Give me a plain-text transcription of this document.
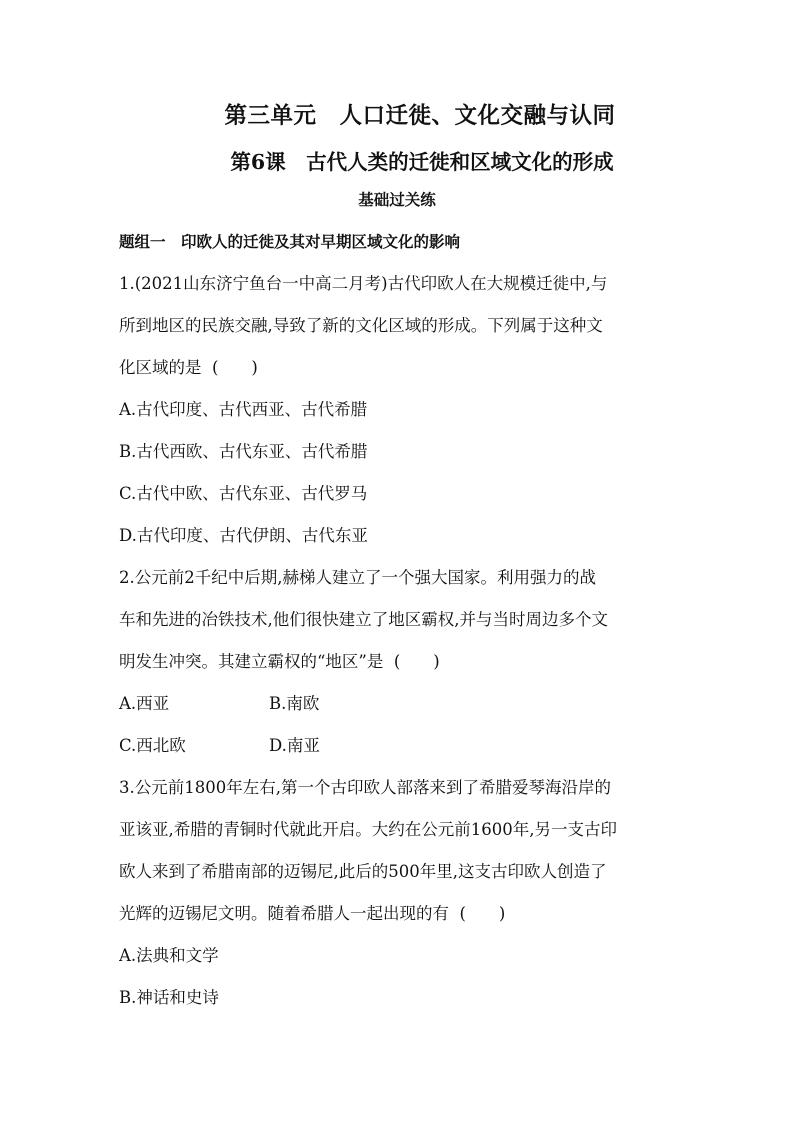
第三单元　人口迁徙、文化交融与认同
第6课　古代人类的迁徙和区域文化的形成
基础过关练
题组一　印欧人的迁徙及其对早期区域文化的影响
1.(2021山东济宁鱼台一中高二月考)古代印欧人在大规模迁徙中,与
所到地区的民族交融,导致了新的文化区域的形成。下列属于这种文
化区域的是 (　　)
A.古代印度、古代西亚、古代希腊
B.古代西欧、古代东亚、古代希腊
C.古代中欧、古代东亚、古代罗马
D.古代印度、古代伊朗、古代东亚
2.公元前2千纪中后期,赫梯人建立了一个强大国家。利用强力的战
车和先进的冶铁技术,他们很快建立了地区霸权,并与当时周边多个文
明发生冲突。其建立霸权的“地区”是 (　　)
A.西亚	B.南欧
C.西北欧	D.南亚
3.公元前1800年左右,第一个古印欧人部落来到了希腊爱琴海沿岸的
亚该亚,希腊的青铜时代就此开启。大约在公元前1600年,另一支古印
欧人来到了希腊南部的迈锡尼,此后的500年里,这支古印欧人创造了
光辉的迈锡尼文明。随着希腊人一起出现的有 (　　)
A.法典和文学
B.神话和史诗
